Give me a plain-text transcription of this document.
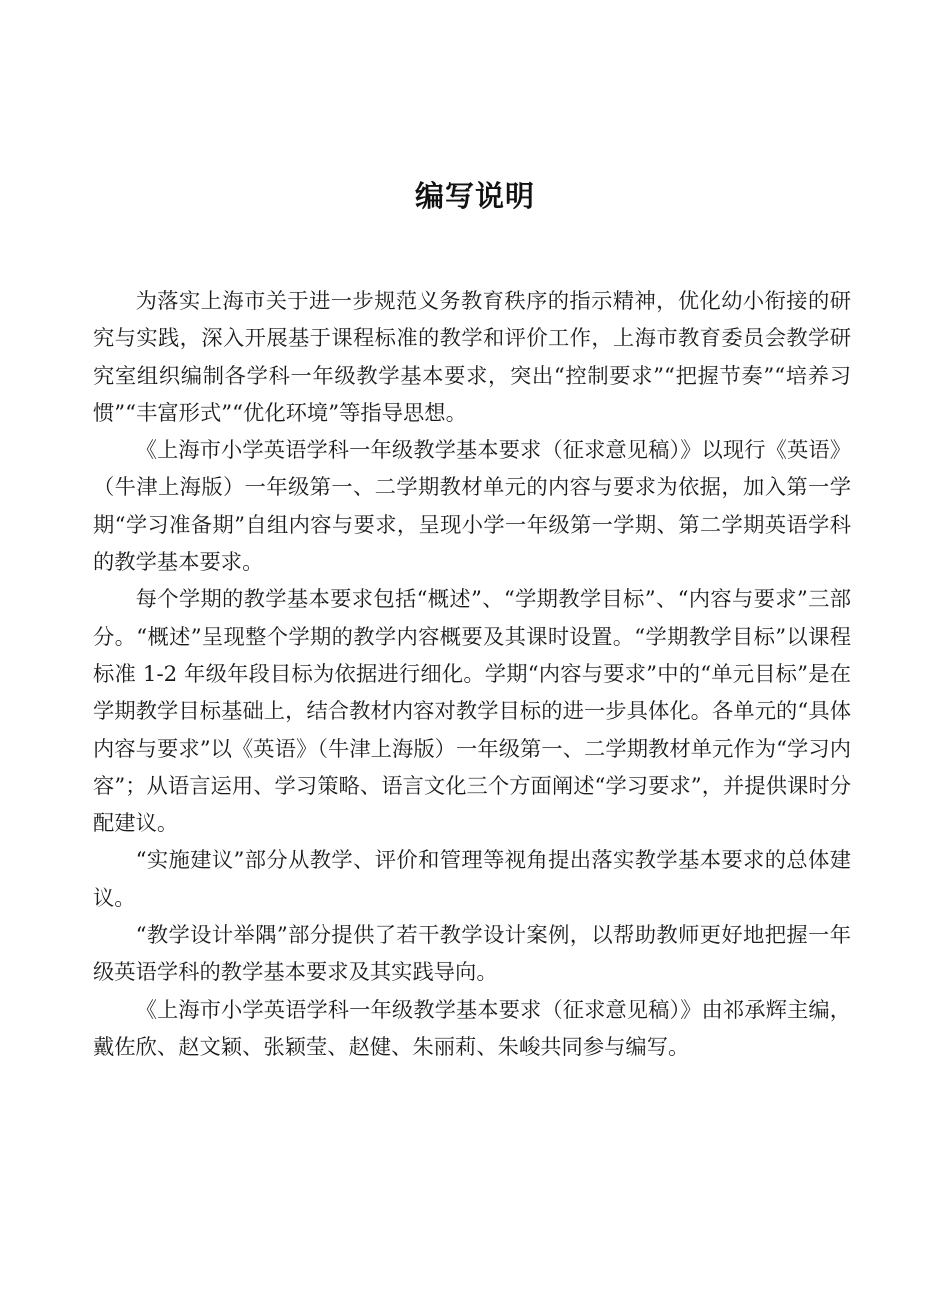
编写说明

为落实上海市关于进一步规范义务教育秩序的指示精神，优化幼小衔接的研究与实践，深入开展基于课程标准的教学和评价工作，上海市教育委员会教学研究室组织编制各学科一年级教学基本要求，突出“控制要求”“把握节奏”“培养习惯”“丰富形式”“优化环境”等指导思想。

《上海市小学英语学科一年级教学基本要求（征求意见稿）》以现行《英语》（牛津上海版）一年级第一、二学期教材单元的内容与要求为依据，加入第一学期“学习准备期”自组内容与要求，呈现小学一年级第一学期、第二学期英语学科的教学基本要求。

每个学期的教学基本要求包括“概述”、“学期教学目标”、“内容与要求”三部分。“概述”呈现整个学期的教学内容概要及其课时设置。“学期教学目标”以课程标准 1-2 年级年段目标为依据进行细化。学期“内容与要求”中的“单元目标”是在学期教学目标基础上，结合教材内容对教学目标的进一步具体化。各单元的“具体内容与要求”以《英语》（牛津上海版）一年级第一、二学期教材单元作为“学习内容”；从语言运用、学习策略、语言文化三个方面阐述“学习要求”，并提供课时分配建议。

“实施建议”部分从教学、评价和管理等视角提出落实教学基本要求的总体建议。

“教学设计举隅”部分提供了若干教学设计案例，以帮助教师更好地把握一年级英语学科的教学基本要求及其实践导向。

《上海市小学英语学科一年级教学基本要求（征求意见稿）》由祁承辉主编，戴佐欣、赵文颖、张颖莹、赵健、朱丽莉、朱峻共同参与编写。
